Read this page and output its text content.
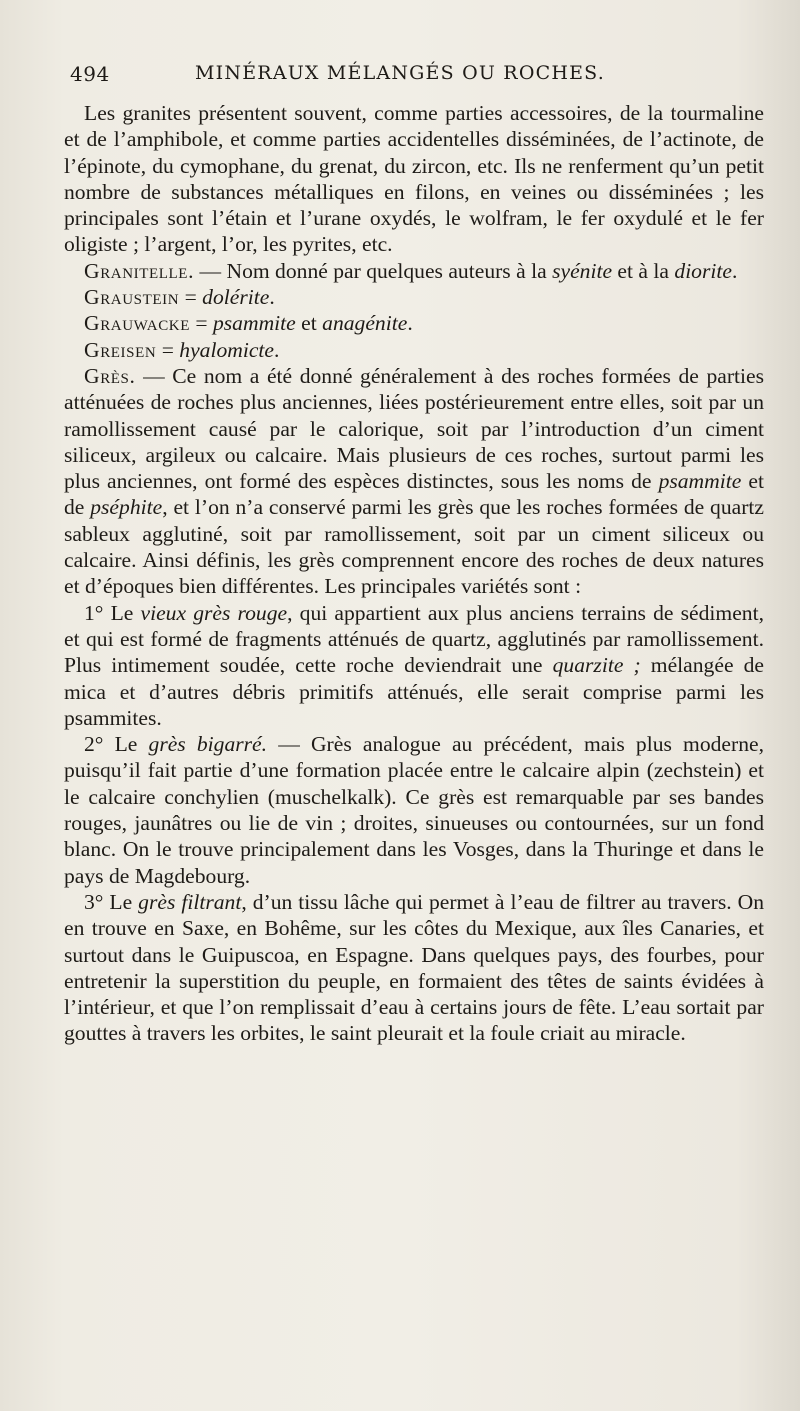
494	MINÉRAUX MÉLANGÉS OU ROCHES.

Les granites présentent souvent, comme parties accessoires, de la tourmaline et de l’amphibole, et comme parties accidentelles disséminées, de l’actinote, de l’épinote, du cymophane, du grenat, du zircon, etc. Ils ne renferment qu’un petit nombre de substances métalliques en filons, en veines ou disséminées ; les principales sont l’étain et l’urane oxydés, le wolfram, le fer oxydulé et le fer oligiste ; l’argent, l’or, les pyrites, etc.

Granitelle. — Nom donné par quelques auteurs à la syénite et à la diorite.

Graustein = dolérite.

Grauwacke = psammite et anagénite.

Greisen = hyalomicte.

Grès. — Ce nom a été donné généralement à des roches formées de parties atténuées de roches plus anciennes, liées postérieurement entre elles, soit par un ramollissement causé par le calorique, soit par l’introduction d’un ciment siliceux, argileux ou calcaire. Mais plusieurs de ces roches, surtout parmi les plus anciennes, ont formé des espèces distinctes, sous les noms de psammite et de pséphite, et l’on n’a conservé parmi les grès que les roches formées de quartz sableux agglutiné, soit par ramollissement, soit par un ciment siliceux ou calcaire. Ainsi définis, les grès comprennent encore des roches de deux natures et d’époques bien différentes. Les principales variétés sont :

1° Le vieux grès rouge, qui appartient aux plus anciens terrains de sédiment, et qui est formé de fragments atténués de quartz, agglutinés par ramollissement. Plus intimement soudée, cette roche deviendrait une quarzite ; mélangée de mica et d’autres débris primitifs atténués, elle serait comprise parmi les psammites.

2° Le grès bigarré. — Grès analogue au précédent, mais plus moderne, puisqu’il fait partie d’une formation placée entre le calcaire alpin (zechstein) et le calcaire conchylien (muschelkalk). Ce grès est remarquable par ses bandes rouges, jaunâtres ou lie de vin ; droites, sinueuses ou contournées, sur un fond blanc. On le trouve principalement dans les Vosges, dans la Thuringe et dans le pays de Magdebourg.

3° Le grès filtrant, d’un tissu lâche qui permet à l’eau de filtrer au travers. On en trouve en Saxe, en Bohême, sur les côtes du Mexique, aux îles Canaries, et surtout dans le Guipuscoa, en Espagne. Dans quelques pays, des fourbes, pour entretenir la superstition du peuple, en formaient des têtes de saints évidées à l’intérieur, et que l’on remplissait d’eau à certains jours de fête. L’eau sortait par gouttes à travers les orbites, le saint pleurait et la foule criait au miracle.
